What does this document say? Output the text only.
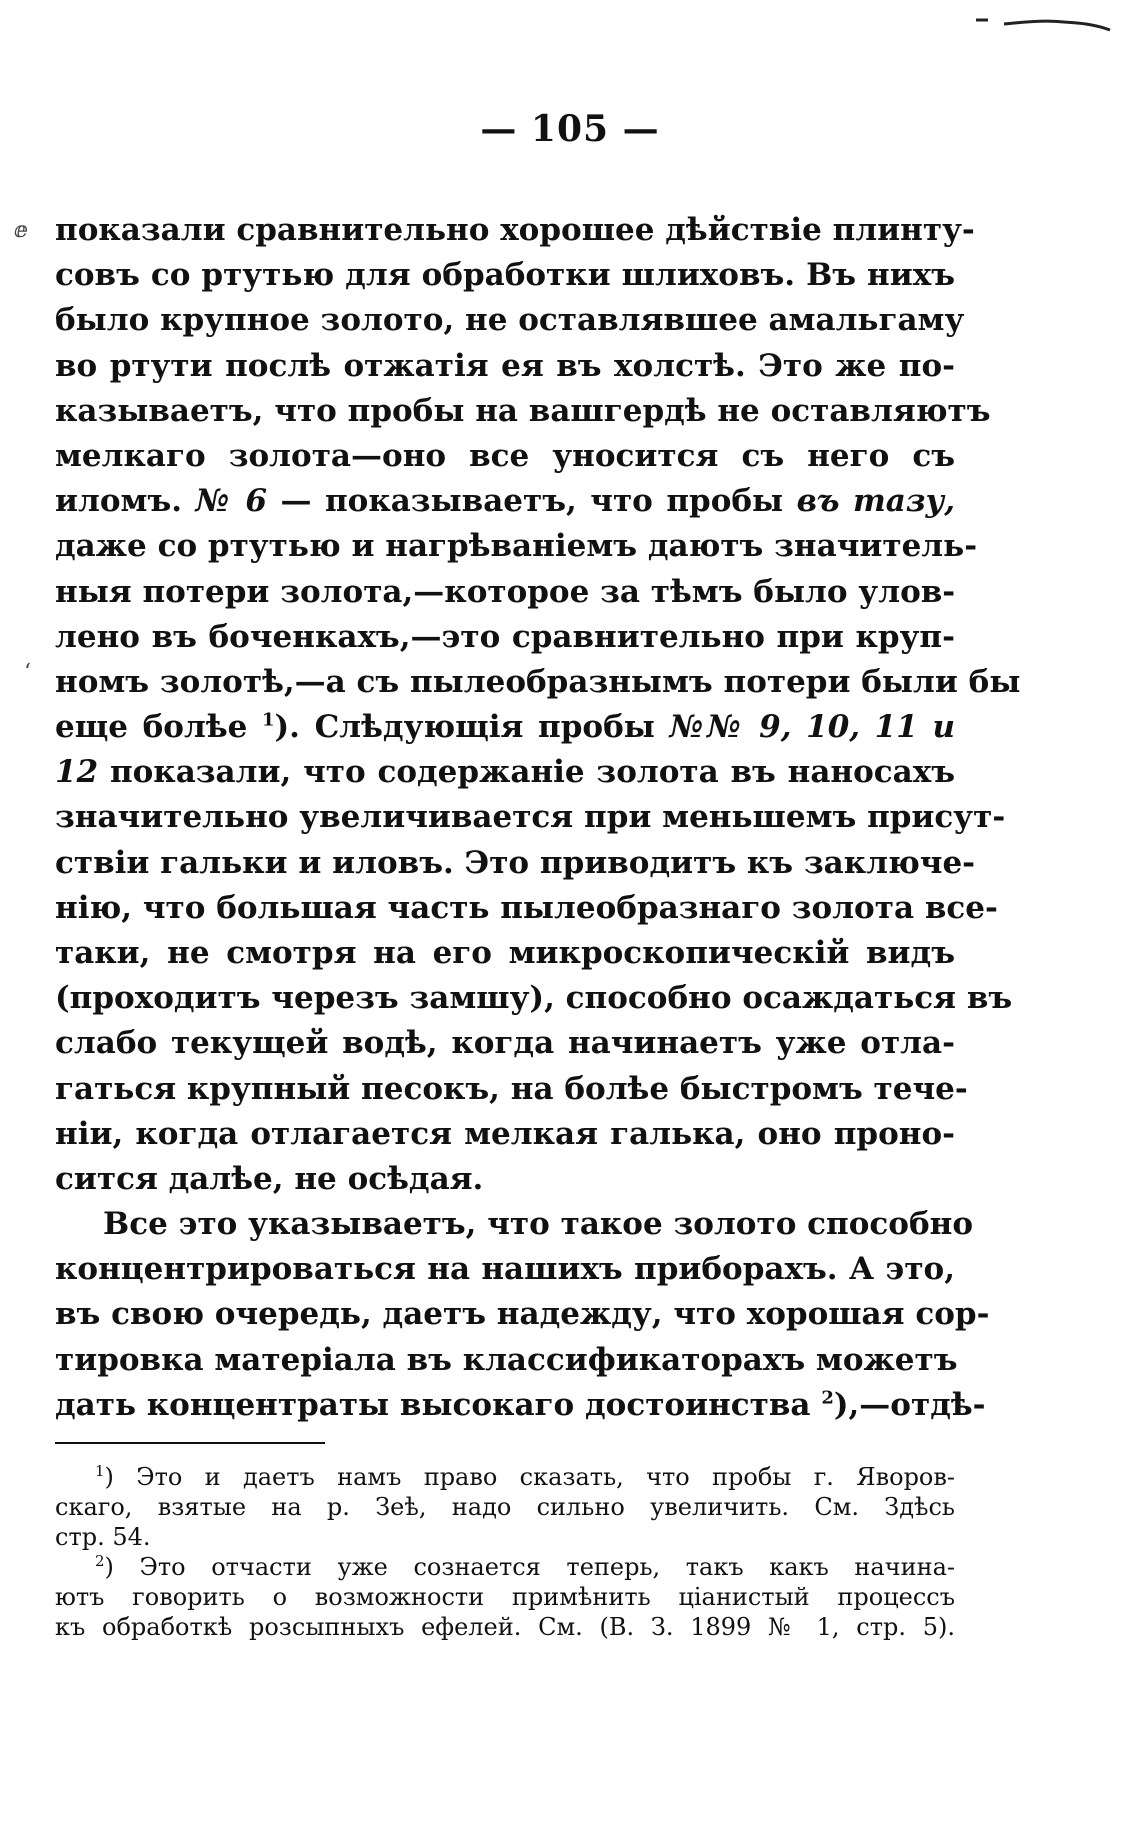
— 105 —
ⅇ
ʻ
показали сравнительно хорошее дѣйствіе плинту-
совъ со ртутью для обработки шлиховъ. Въ нихъ
было крупное золото, не оставлявшее амальгаму
во ртути послѣ отжатія ея въ холстѣ. Это же по-
казываетъ, что пробы на вашгердѣ не оставляютъ
мелкаго золота—оно все уносится съ него съ
иломъ. № 6 — показываетъ, что пробы въ тазу,
даже со ртутью и нагрѣваніемъ даютъ значитель-
ныя потери золота,—которое за тѣмъ было улов-
лено въ боченкахъ,—это сравнительно при круп-
номъ золотѣ,—а съ пылеобразнымъ потери были бы
еще болѣе $^1$). Слѣдующія пробы №№ 9, 10, 11 и
12 показали, что содержаніе золота въ наносахъ
значительно увеличивается при меньшемъ присут-
ствіи гальки и иловъ. Это приводитъ къ заключе-
нію, что большая часть пылеобразнаго золота все-
таки, не смотря на его микроскопическій видъ
(проходитъ черезъ замшу), способно осаждаться въ
слабо текущей водѣ, когда начинаетъ уже отла-
гаться крупный песокъ, на болѣе быстромъ тече-
ніи, когда отлагается мелкая галька, оно проно-
сится далѣе, не осѣдая.
Все это указываетъ, что такое золото способно
концентрироваться на нашихъ приборахъ. А это,
въ свою очередь, даетъ надежду, что хорошая сор-
тировка матеріала въ классификаторахъ можетъ
дать концентраты высокаго достоинства $^2$),—отдѣ-
$^1$) Это и даетъ намъ право сказать, что пробы г. Яворов-
скаго, взятые на р. Зеѣ, надо сильно увеличить. См. Здѣсь
стр. 54.
$^2$) Это отчасти уже сознается теперь, такъ какъ начина-
ютъ говорить о возможности примѣнить ціанистый процессъ
къ обработкѣ розсыпныхъ ефелей. См. (В. З. 1899 № 1, стр. 5).
